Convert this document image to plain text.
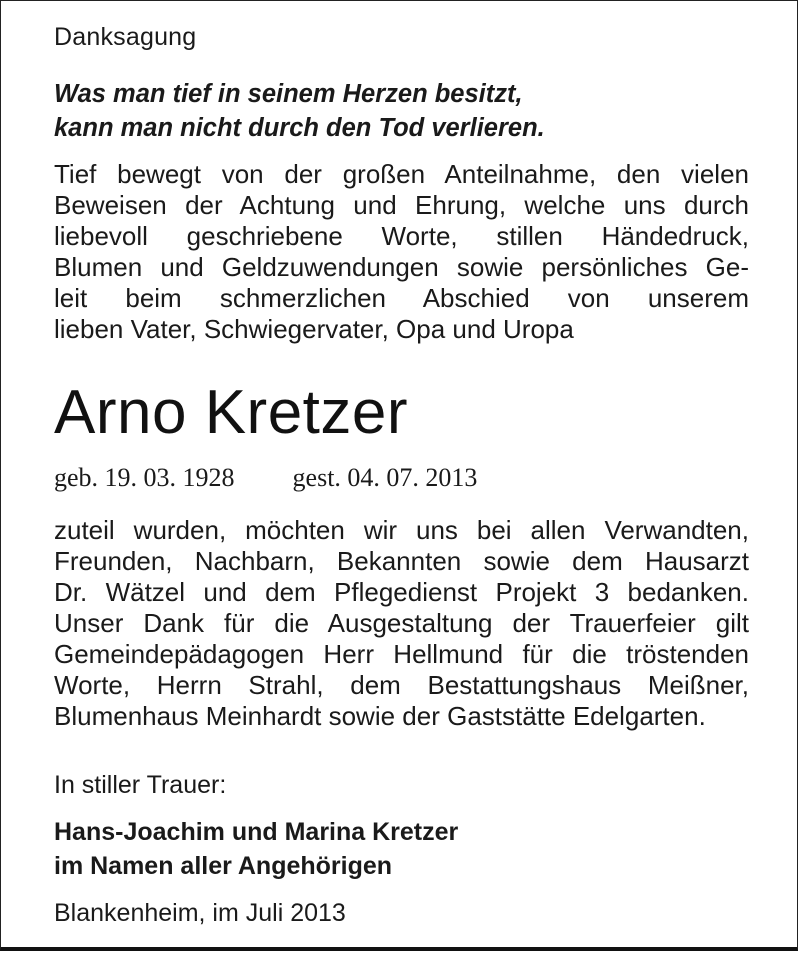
Danksagung
Was man tief in seinem Herzen besitzt,
kann man nicht durch den Tod verlieren.
Tief bewegt von der großen Anteilnahme, den vielen
Beweisen der Achtung und Ehrung, welche uns durch
liebevoll geschriebene Worte, stillen Händedruck,
Blumen und Geldzuwendungen sowie persönliches Ge-
leit beim schmerzlichen Abschied von unserem
lieben Vater, Schwiegervater, Opa und Uropa
Arno Kretzer
geb. 19. 03. 1928 gest. 04. 07. 2013
zuteil wurden, möchten wir uns bei allen Verwandten,
Freunden, Nachbarn, Bekannten sowie dem Hausarzt
Dr. Wätzel und dem Pflegedienst Projekt 3 bedanken.
Unser Dank für die Ausgestaltung der Trauerfeier gilt
Gemeindepädagogen Herr Hellmund für die tröstenden
Worte, Herrn Strahl, dem Bestattungshaus Meißner,
Blumenhaus Meinhardt sowie der Gaststätte Edelgarten.
In stiller Trauer:
Hans-Joachim und Marina Kretzer
im Namen aller Angehörigen
Blankenheim, im Juli 2013
